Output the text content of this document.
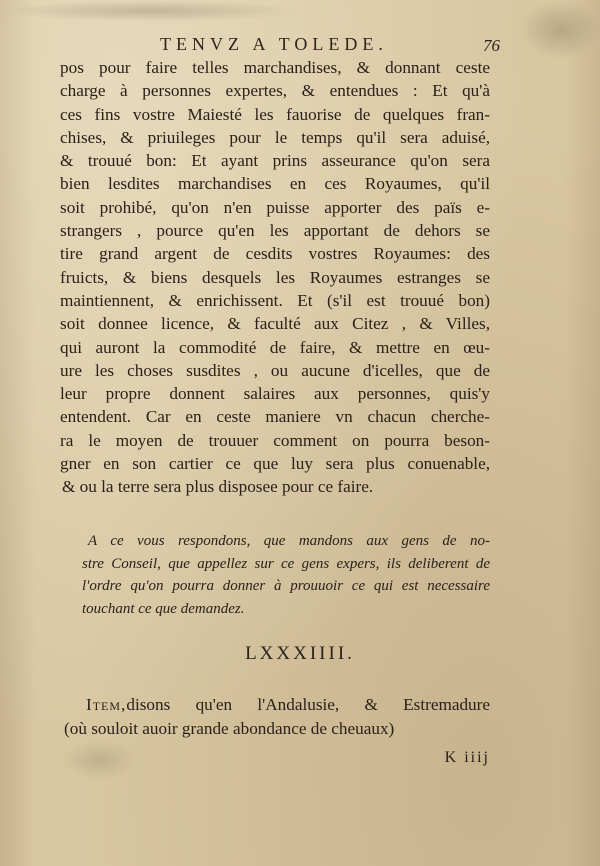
TENVZ A TOLEDE.	76
pos pour faire telles marchandises, & donnant ceste
charge à personnes expertes, & entendues : Et qu'à
ces fins vostre Maiesté les fauorise de quelques fran-
chises, & priuileges pour le temps qu'il sera aduisé,
& trouué bon: Et ayant prins asseurance qu'on sera
bien lesdites marchandises en ces Royaumes, qu'il
soit prohibé, qu'on n'en puisse apporter des païs e-
strangers , pource qu'en les apportant de dehors se
tire grand argent de cesdits vostres Royaumes: des
fruicts, & biens desquels les Royaumes estranges se
maintiennent, & enrichissent. Et (s'il est trouué bon)
soit donnee licence, & faculté aux Citez , & Villes,
qui auront la commodité de faire, & mettre en œu-
ure les choses susdites , ou aucune d'icelles, que de
leur propre donnent salaires aux personnes, quis'y
entendent. Car en ceste maniere vn chacun cherche-
ra le moyen de trouuer comment on pourra beson-
gner en son cartier ce que luy sera plus conuenable,
& ou la terre sera plus disposee pour ce faire.
A ce vous respondons, que mandons aux gens de no-
stre Conseil, que appellez sur ce gens expers, ils deliberent de
l'ordre qu'on pourra donner à prouuoir ce qui est necessaire
touchant ce que demandez.
LXXXIIII.
Item,disons qu'en l'Andalusie, & Estremadure
(où souloit auoir grande abondance de cheuaux)
K iiij
